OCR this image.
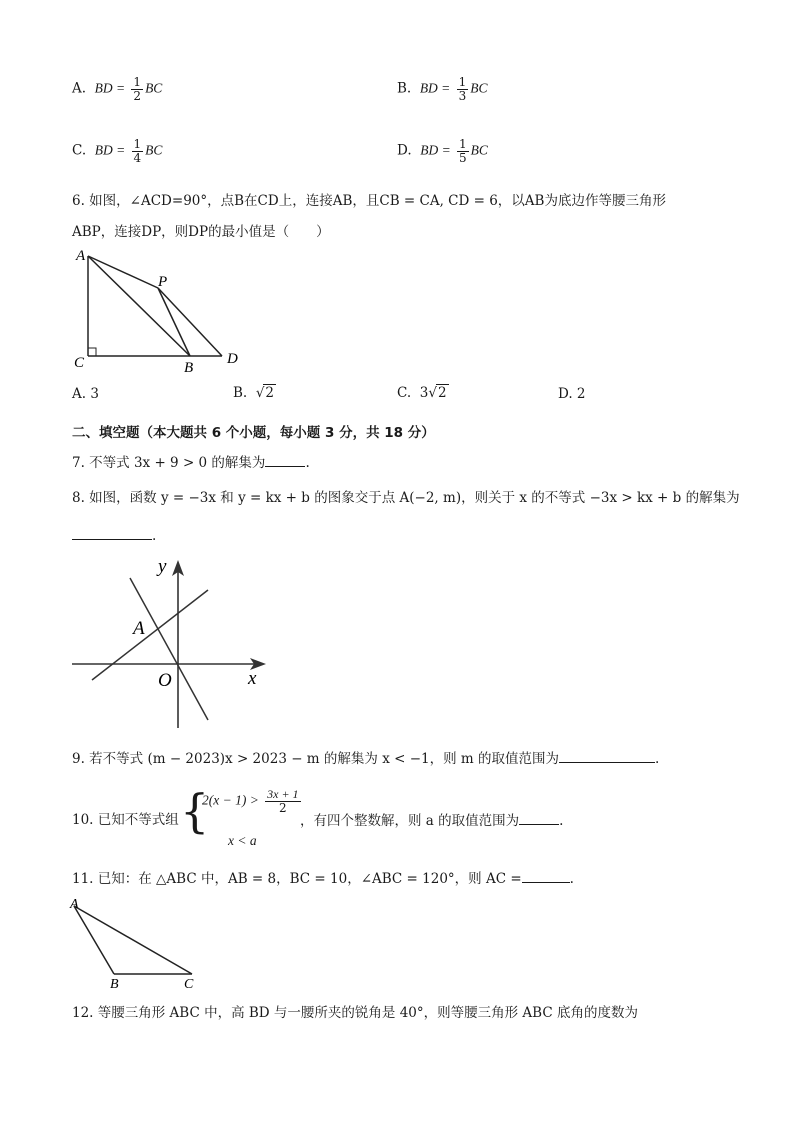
A. BD = $\frac{1}{2}$ BC	B. BD = $\frac{1}{3}$ BC
C. BD = $\frac{1}{4}$ BC	D. BD = $\frac{1}{5}$ BC
6. 如图，∠ACD=90°，点B在CD上，连接AB，且CB = CA, CD = 6，以AB为底边作等腰三角形
ABP，连接DP，则DP的最小值是（　　）
A
P
C	B
D
A. 3	B. √ 2	C. 3 √ 2	D. 2
二、填空题（本大题共 6 个小题，每小题 3 分，共 18 分）
7. 不等式 3x + 9 > 0 的解集为	.
8. 如图，函数 y = −3x 和 y = kx + b 的图象交于点 A(−2, m)，则关于 x 的不等式 −3x > kx + b 的解集为
.
y
x
O
A
9. 若不等式 (m − 2023)x > 2023 − m 的解集为 x < −1，则 m 的取值范围为	.
10. 已知不等式组 {
$2(x - 1) > \frac{3x + 1}{2}$
x < a
，有四个整数解，则 a 的取值范围为	.
11. 已知：在 △ABC 中，AB = 8，BC = 10，∠ABC = 120°，则 AC =	.
A
B	C
12. 等腰三角形 ABC 中，高 BD 与一腰所夹的锐角是 40°，则等腰三角形 ABC 底角的度数为
